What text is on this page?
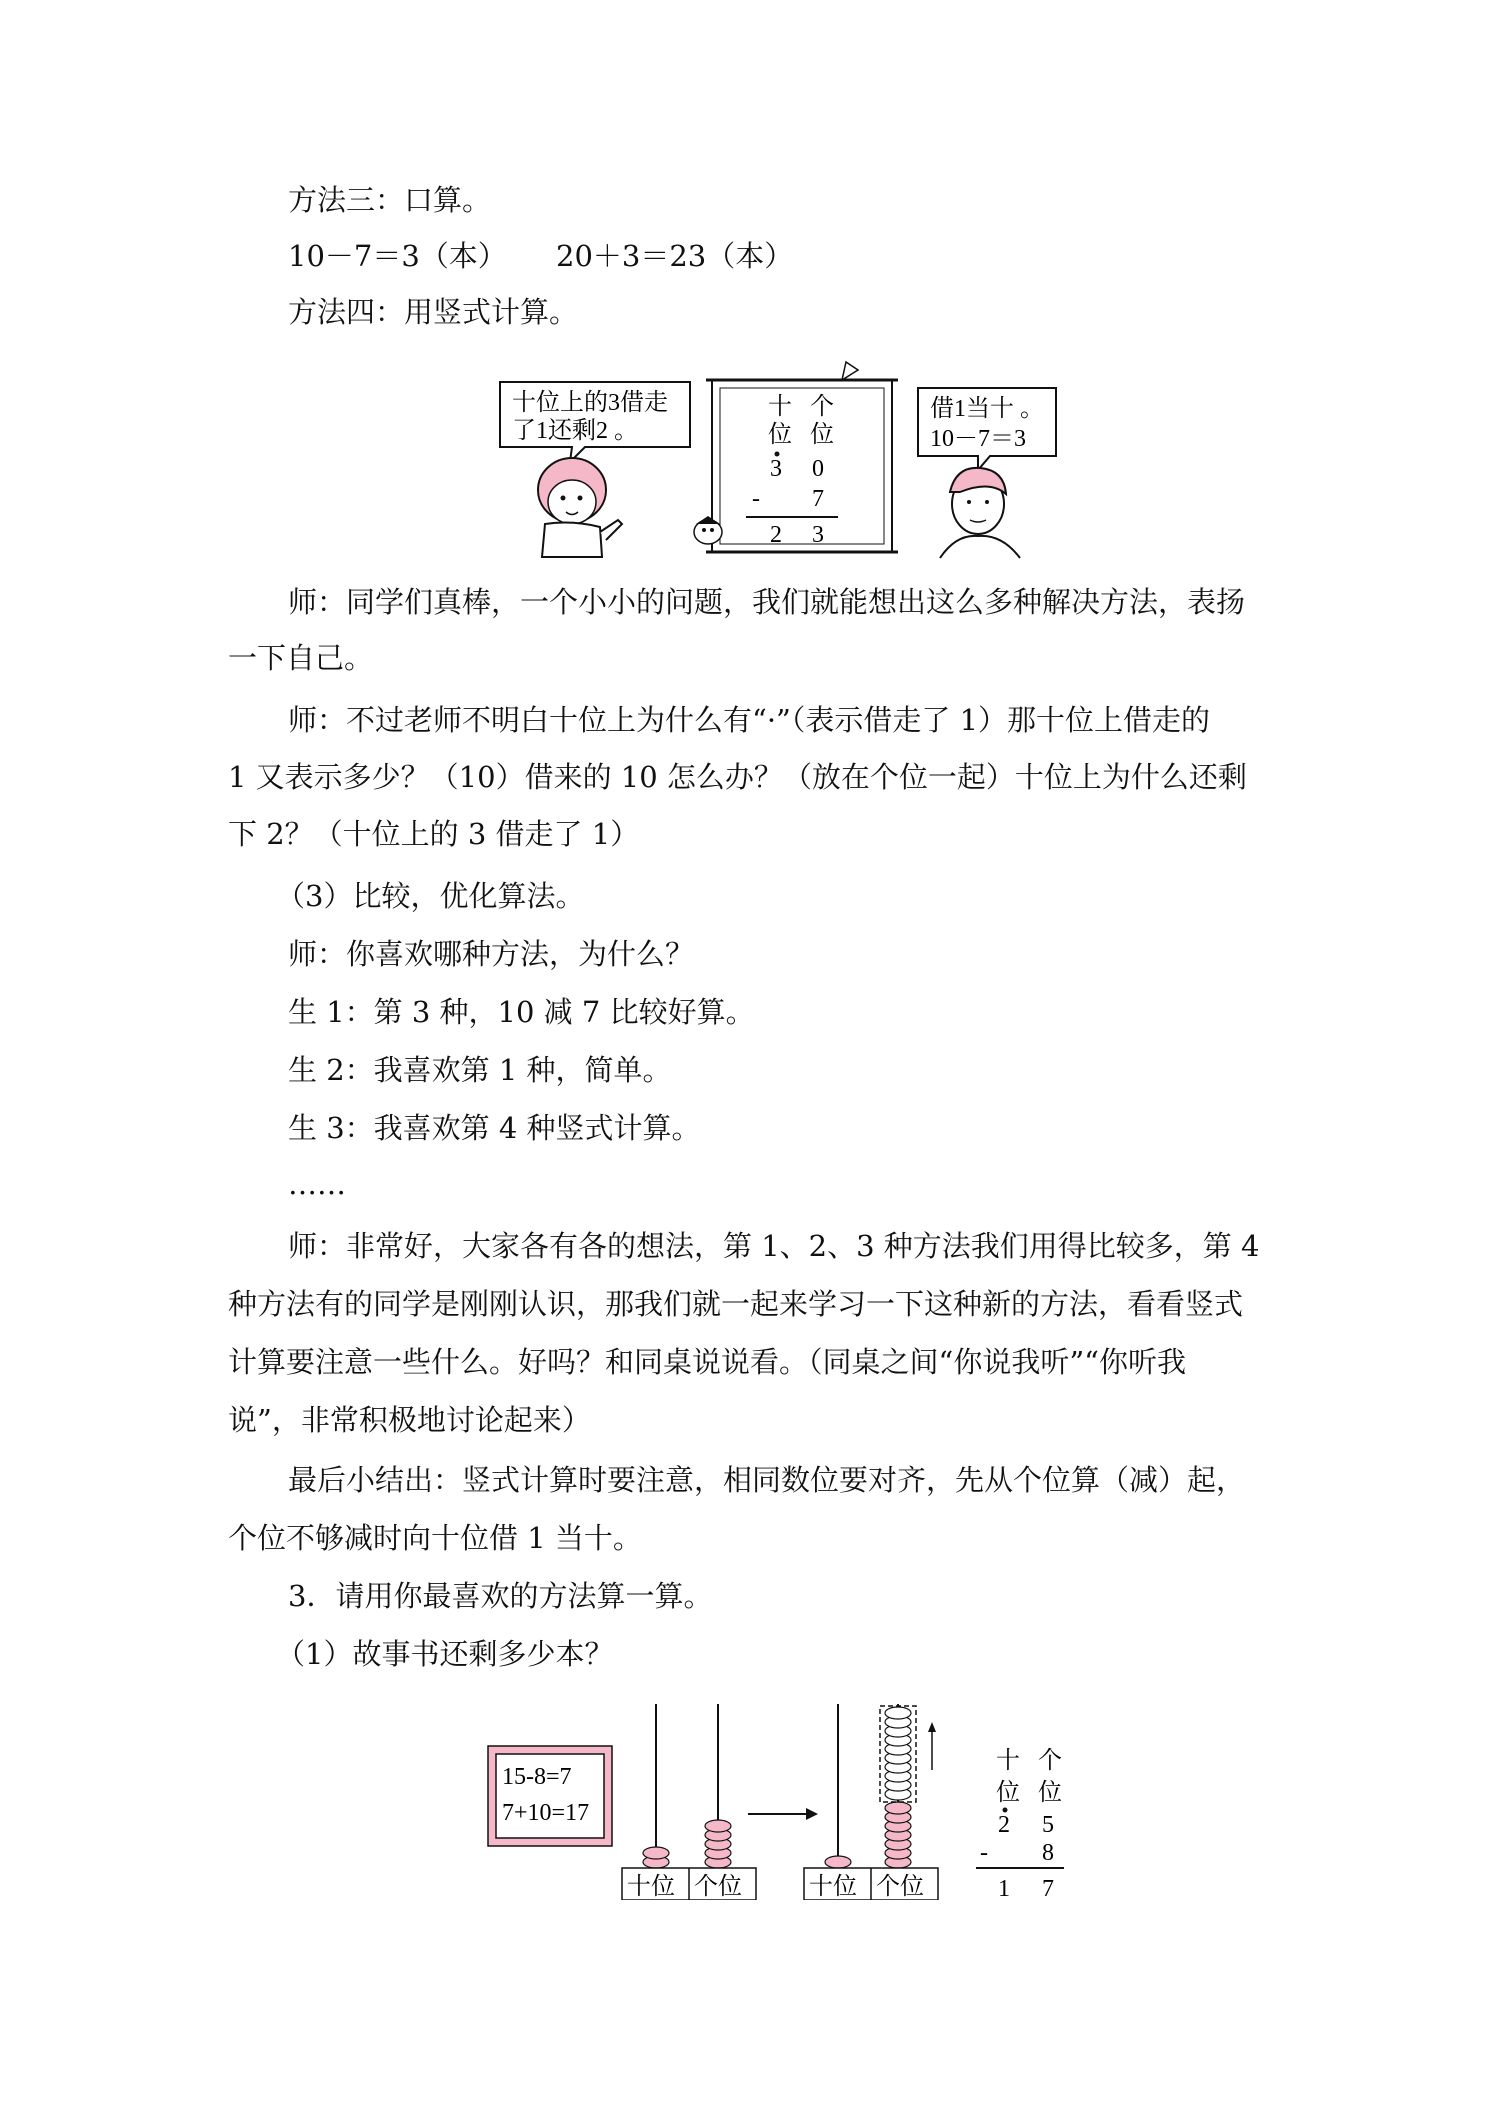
方法三：口算。
10－7＝3（本） 20＋3＝23（本）
方法四：用竖式计算。
十位上的3借走
了1还剩2 。
十 个
位 位
3 0
- 7
2 3
借1当十 。
10－7＝3
师：同学们真棒，一个小小的问题，我们就能想出这么多种解决方法，表扬
一下自己。
师：不过老师不明白十位上为什么有“·”（表示借走了 1）那十位上借走的
1 又表示多少？（10）借来的 10 怎么办？（放在个位一起）十位上为什么还剩
下 2？（十位上的 3 借走了 1）
（3）比较，优化算法。
师：你喜欢哪种方法，为什么？
生 1：第 3 种，10 减 7 比较好算。
生 2：我喜欢第 1 种，简单。
生 3：我喜欢第 4 种竖式计算。
……
师：非常好，大家各有各的想法，第 1、2、3 种方法我们用得比较多，第 4
种方法有的同学是刚刚认识，那我们就一起来学习一下这种新的方法，看看竖式
计算要注意一些什么。好吗？和同桌说说看。（同桌之间“你说我听”“你听我
说”，非常积极地讨论起来）
最后小结出：竖式计算时要注意，相同数位要对齐，先从个位算（减）起，
个位不够减时向十位借 1 当十。
3．请用你最喜欢的方法算一算。
（1）故事书还剩多少本？
15-8=7
7+10=17
十位 个位	十位 个位
十 个
位 位
2 5
- 8
1 7
